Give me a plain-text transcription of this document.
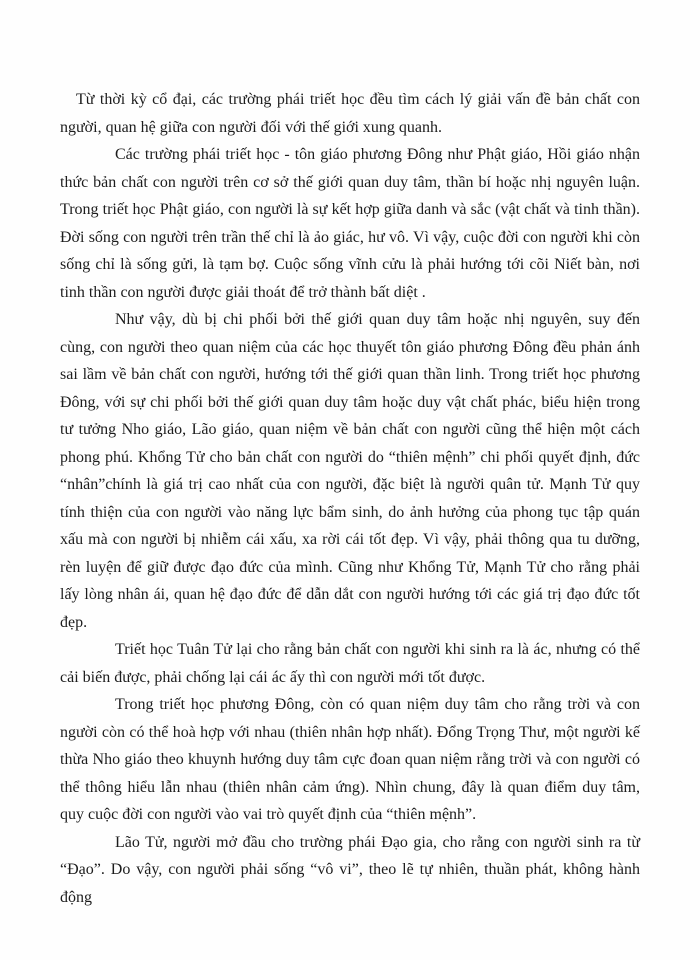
Từ thời kỳ cổ đại, các trường phái triết học đều tìm cách lý giải vấn đề bản chất con người, quan hệ giữa con người đối với thế giới xung quanh.

Các trường phái triết học - tôn giáo phương Đông như Phật giáo, Hồi giáo nhận thức bản chất con người trên cơ sở thế giới quan duy tâm, thần bí hoặc nhị nguyên luận. Trong triết học Phật giáo, con người là sự kết hợp giữa danh và sắc (vật chất và tinh thần). Đời sống con người trên trần thế chỉ là ảo giác, hư vô. Vì vậy, cuộc đời con người khi còn sống chỉ là sống gửi, là tạm bợ. Cuộc sống vĩnh cửu là phải hướng tới cõi Niết bàn, nơi tinh thần con người được giải thoát để trở thành bất diệt .

Như vậy, dù bị chi phối bởi thế giới quan duy tâm hoặc nhị nguyên, suy đến cùng, con người theo quan niệm của các học thuyết tôn giáo phương Đông đều phản ánh sai lầm về bản chất con người, hướng tới thế giới quan thần linh. Trong triết học phương Đông, với sự chi phối bởi thế giới quan duy tâm hoặc duy vật chất phác, biểu hiện trong tư tưởng Nho giáo, Lão giáo, quan niệm về bản chất con người cũng thể hiện một cách phong phú. Khổng Tử cho bản chất con người do “thiên mệnh” chi phối quyết định, đức “nhân”chính là giá trị cao nhất của con người, đặc biệt là người quân tử. Mạnh Tử quy tính thiện của con người vào năng lực bẩm sinh, do ảnh hưởng của phong tục tập quán xấu mà con người bị nhiễm cái xấu, xa rời cái tốt đẹp. Vì vậy, phải thông qua tu dưỡng, rèn luyện để giữ được đạo đức của mình. Cũng như Khổng Tử, Mạnh Tử cho rằng phải lấy lòng nhân ái, quan hệ đạo đức để dẫn dắt con người hướng tới các giá trị đạo đức tốt đẹp.

Triết học Tuân Tử lại cho rằng bản chất con người khi sinh ra là ác, nhưng có thể cải biến được, phải chống lại cái ác ấy thì con người mới tốt được.

Trong triết học phương Đông, còn có quan niệm duy tâm cho rằng trời và con người còn có thể hoà hợp với nhau (thiên nhân hợp nhất). Đổng Trọng Thư, một người kế thừa Nho giáo theo khuynh hướng duy tâm cực đoan quan niệm rằng trời và con người có thể thông hiểu lẫn nhau (thiên nhân cảm ứng). Nhìn chung, đây là quan điểm duy tâm, quy cuộc đời con người vào vai trò quyết định của “thiên mệnh”.

Lão Tử, người mở đầu cho trường phái Đạo gia, cho rằng con người sinh ra từ “Đạo”. Do vậy, con người phải sống “vô vi”, theo lẽ tự nhiên, thuần phát, không hành động
